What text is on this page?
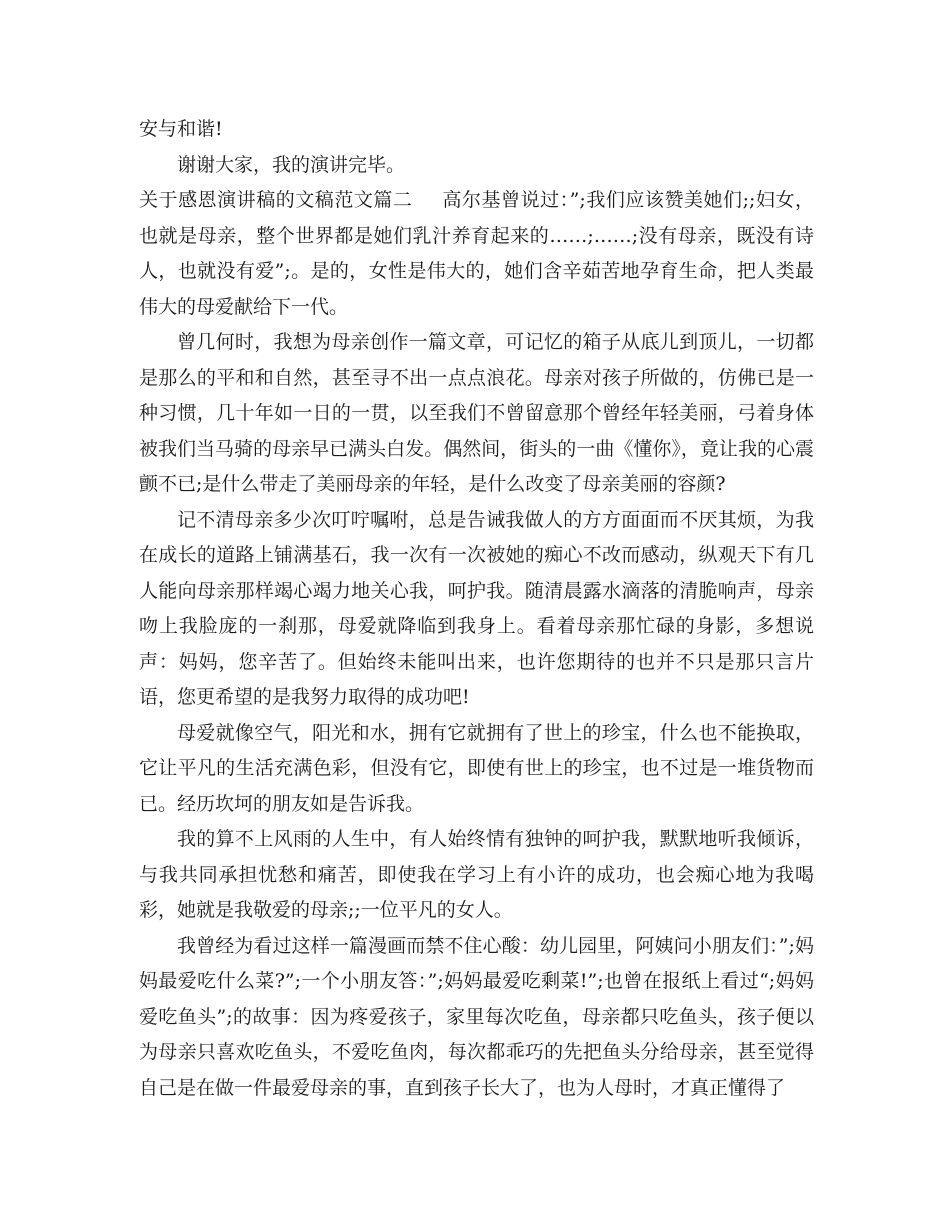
安与和谐!

谢谢大家，我的演讲完毕。

关于感恩演讲稿的文稿范文篇二 高尔基曾说过：”;我们应该赞美她们;;妇女，也就是母亲，整个世界都是她们乳汁养育起来的……;……;没有母亲，既没有诗人，也就没有爱”;。是的，女性是伟大的，她们含辛茹苦地孕育生命，把人类最伟大的母爱献给下一代。

曾几何时，我想为母亲创作一篇文章，可记忆的箱子从底儿到顶儿，一切都是那么的平和和自然，甚至寻不出一点点浪花。母亲对孩子所做的，仿佛已是一种习惯，几十年如一日的一贯，以至我们不曾留意那个曾经年轻美丽，弓着身体被我们当马骑的母亲早已满头白发。偶然间，街头的一曲《懂你》，竟让我的心震颤不已;是什么带走了美丽母亲的年轻，是什么改变了母亲美丽的容颜?

记不清母亲多少次叮咛嘱咐，总是告诫我做人的方方面面而不厌其烦，为我在成长的道路上铺满基石，我一次有一次被她的痴心不改而感动，纵观天下有几人能向母亲那样竭心竭力地关心我，呵护我。随清晨露水滴落的清脆响声，母亲吻上我脸庞的一刹那，母爱就降临到我身上。看着母亲那忙碌的身影，多想说声：妈妈，您辛苦了。但始终未能叫出来，也许您期待的也并不只是那只言片语，您更希望的是我努力取得的成功吧!

母爱就像空气，阳光和水，拥有它就拥有了世上的珍宝，什么也不能换取，它让平凡的生活充满色彩，但没有它，即使有世上的珍宝，也不过是一堆货物而已。经历坎坷的朋友如是告诉我。

我的算不上风雨的人生中，有人始终情有独钟的呵护我，默默地听我倾诉，与我共同承担忧愁和痛苦，即使我在学习上有小许的成功，也会痴心地为我喝彩，她就是我敬爱的母亲;;一位平凡的女人。

我曾经为看过这样一篇漫画而禁不住心酸：幼儿园里，阿姨问小朋友们：”;妈妈最爱吃什么菜?”;一个小朋友答：”;妈妈最爱吃剩菜!”;也曾在报纸上看过“;妈妈爱吃鱼头”;的故事：因为疼爱孩子，家里每次吃鱼，母亲都只吃鱼头，孩子便以为母亲只喜欢吃鱼头，不爱吃鱼肉，每次都乖巧的先把鱼头分给母亲，甚至觉得自己是在做一件最爱母亲的事，直到孩子长大了，也为人母时，才真正懂得了
